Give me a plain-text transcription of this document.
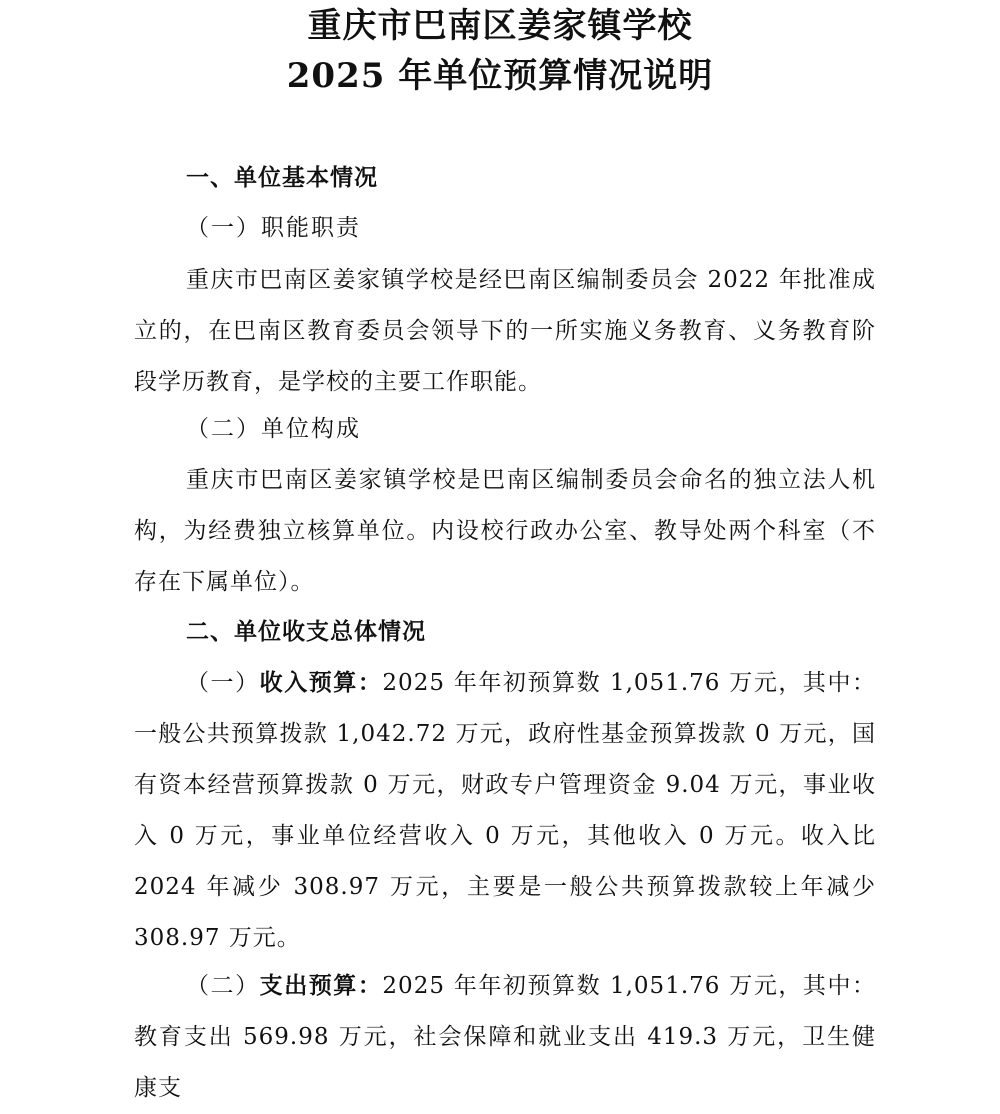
重庆市巴南区姜家镇学校
2025 年单位预算情况说明
一、单位基本情况
（一）职能职责
重庆市巴南区姜家镇学校是经巴南区编制委员会 2022 年批准成立的，在巴南区教育委员会领导下的一所实施义务教育、义务教育阶段学历教育，是学校的主要工作职能。
（二）单位构成
重庆市巴南区姜家镇学校是巴南区编制委员会命名的独立法人机构，为经费独立核算单位。内设校行政办公室、教导处两个科室（不存在下属单位）。
二、单位收支总体情况
（一）收入预算：2025 年年初预算数 1,051.76 万元，其中：一般公共预算拨款 1,042.72 万元，政府性基金预算拨款 0 万元，国有资本经营预算拨款 0 万元，财政专户管理资金 9.04 万元，事业收入 0 万元，事业单位经营收入 0 万元，其他收入 0 万元。收入比 2024 年减少 308.97 万元，主要是一般公共预算拨款较上年减少 308.97 万元。
（二）支出预算：2025 年年初预算数 1,051.76 万元，其中：教育支出 569.98 万元，社会保障和就业支出 419.3 万元，卫生健康支
